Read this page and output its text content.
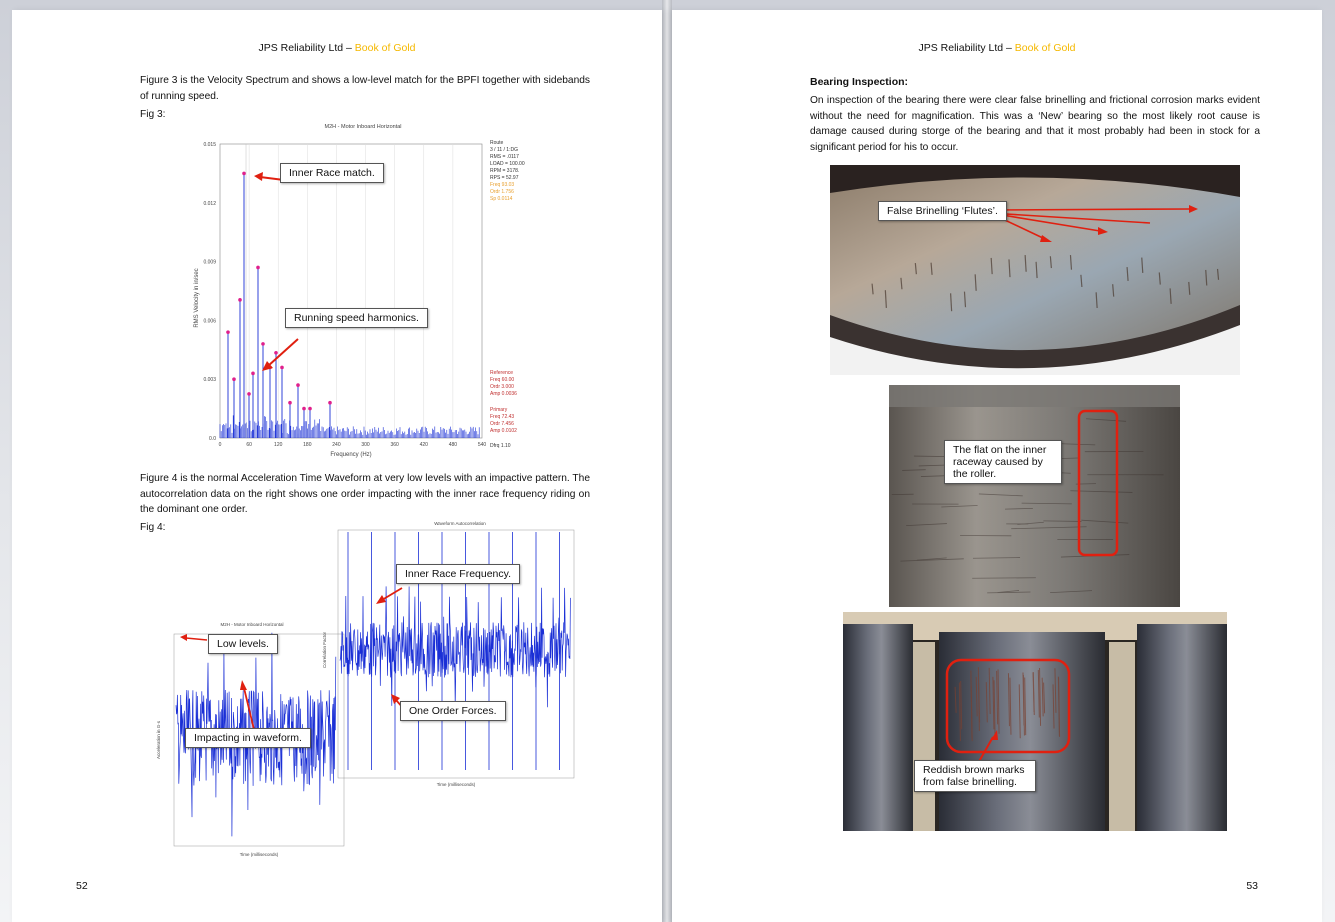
JPS Reliability Ltd – Book of Gold
Figure 3 is the Velocity Spectrum and shows a low-level match for the BPFI together with sidebands of running speed.
Fig 3:
M2H - Motor Inboard Horizontal
0.0
0.003
0.006
0.009
0.012
0.015
0	60	120	180	240	300	360	420	480	540
RMS Velocity in in/sec
Frequency (Hz)
Route
3 / 11 / 1:DG
RMS = .0117
LOAD = 100.00
RPM = 3178.
RPS = 52.97
Freq 93.03
Ordr 1.756
Sp 0.0114
Reference
Freq 60.00
Ordr 3.000
Amp 0.0036
Primary
Freq 72.43
Ordr 7.456
Amp 0.0102
Dfrq 1.10
Inner Race match.
Running speed harmonics.
Figure 4 is the normal Acceleration Time Waveform at very low levels with an impactive pattern. The autocorrelation data on the right shows one order impacting with the inner race frequency riding on the dominant one order.
Fig 4:
M2H - Motor Inboard Horizontal
Acceleration in G-s
Time (milliseconds)
Low levels.
Impacting in waveform.
Waveform Autocorrelation
Correlation Factor
Time (milliseconds)
Inner Race Frequency.
One Order Forces.
52
JPS Reliability Ltd – Book of Gold
Bearing Inspection:
On inspection of the bearing there were clear false brinelling and frictional corrosion marks evident without the need for magnification. This was a ‘New’ bearing so the most likely root cause is damage caused during storge of the bearing and that it most probably had been in stock for a significant period for his to occur.
False Brinelling ‘Flutes’.
The flat on the inner
raceway caused by
the roller.
Reddish brown marks
from false brinelling.
53
